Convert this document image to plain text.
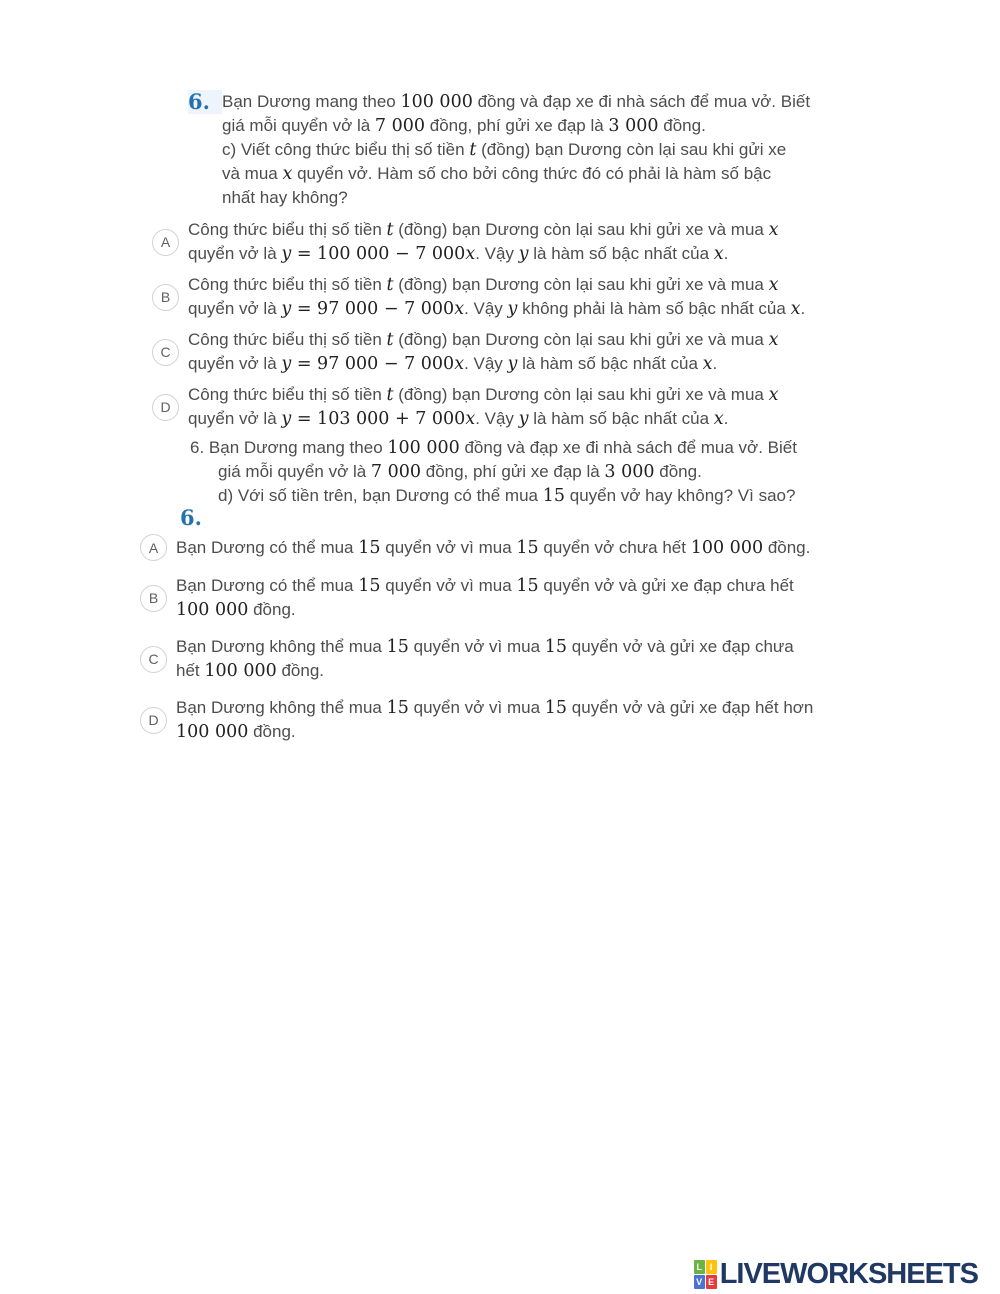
6. Bạn Dương mang theo 100 000 đồng và đạp xe đi nhà sách để mua vở. Biết
giá mỗi quyển vở là 7 000 đồng, phí gửi xe đạp là 3 000 đồng.
c) Viết công thức biểu thị số tiền t (đồng) bạn Dương còn lại sau khi gửi xe
và mua x quyển vở. Hàm số cho bởi công thức đó có phải là hàm số bậc
nhất hay không?
A
Công thức biểu thị số tiền t (đồng) bạn Dương còn lại sau khi gửi xe và mua x
quyển vở là y = 100 000 − 7 000x. Vậy y là hàm số bậc nhất của x.
B
Công thức biểu thị số tiền t (đồng) bạn Dương còn lại sau khi gửi xe và mua x
quyển vở là y = 97 000 − 7 000x. Vậy y không phải là hàm số bậc nhất của x.
C
Công thức biểu thị số tiền t (đồng) bạn Dương còn lại sau khi gửi xe và mua x
quyển vở là y = 97 000 − 7 000x. Vậy y là hàm số bậc nhất của x.
D
Công thức biểu thị số tiền t (đồng) bạn Dương còn lại sau khi gửi xe và mua x
quyển vở là y = 103 000 + 7 000x. Vậy y là hàm số bậc nhất của x.
6. Bạn Dương mang theo 100 000 đồng và đạp xe đi nhà sách để mua vở. Biết
giá mỗi quyển vở là 7 000 đồng, phí gửi xe đạp là 3 000 đồng.
d) Với số tiền trên, bạn Dương có thể mua 15 quyển vở hay không? Vì sao?
6.
A	Bạn Dương có thể mua 15 quyển vở vì mua 15 quyển vở chưa hết 100 000 đồng.
B
Bạn Dương có thể mua 15 quyển vở vì mua 15 quyển vở và gửi xe đạp chưa hết
100 000 đồng.
C
Bạn Dương không thể mua 15 quyển vở vì mua 15 quyển vở và gửi xe đạp chưa
hết 100 000 đồng.
D
Bạn Dương không thể mua 15 quyển vở vì mua 15 quyển vở và gửi xe đạp hết hơn
100 000 đồng.
L I
V E LIVEWORKSHEETS
